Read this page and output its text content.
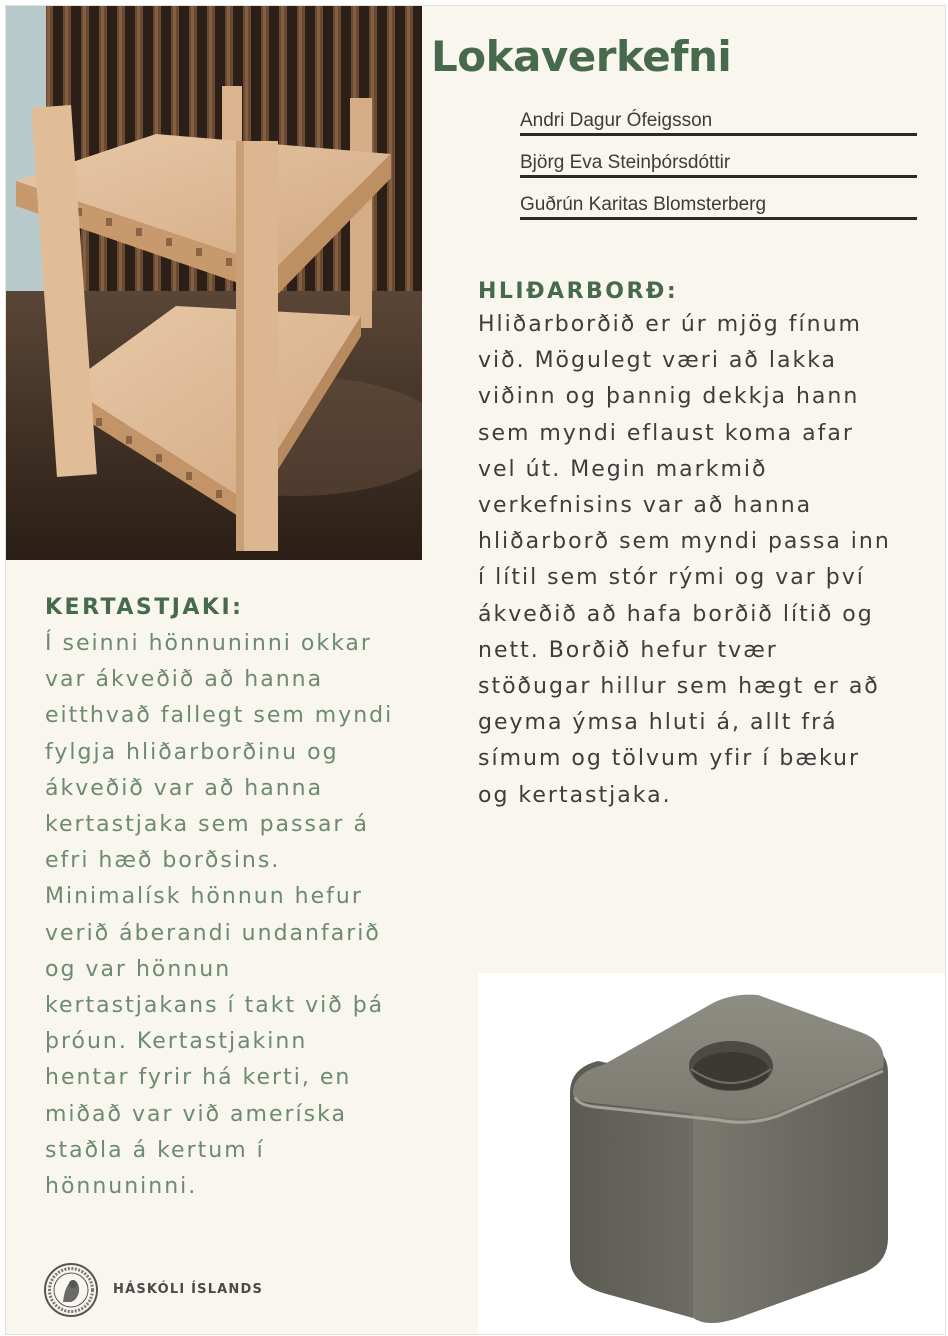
Lokaverkefni
Andri Dagur Ófeigsson
Björg Eva Steinþórsdóttir
Guðrún Karitas Blomsterberg
HLIÐARBORÐ:

Hliðarborðið er úr mjög fínum
við. Mögulegt væri að lakka
viðinn og þannig dekkja hann
sem myndi eflaust koma afar
vel út. Megin markmið
verkefnisins var að hanna
hliðarborð sem myndi passa inn
í lítil sem stór rými og var því
ákveðið að hafa borðið lítið og
nett. Borðið hefur tvær
stöðugar hillur sem hægt er að
geyma ýmsa hluti á, allt frá
símum og tölvum yfir í bækur
og kertastjaka.

KERTASTJAKI:

Í seinni hönnuninni okkar
var ákveðið að hanna
eitthvað fallegt sem myndi
fylgja hliðarborðinu og
ákveðið var að hanna
kertastjaka sem passar á
efri hæð borðsins.
Minimalísk hönnun hefur
verið áberandi undanfarið
og var hönnun
kertastjakans í takt við þá
þróun. Kertastjakinn
hentar fyrir há kerti, en
miðað var við ameríska
staðla á kertum í
hönnuninni.

HÁSKÓLI ÍSLANDS
